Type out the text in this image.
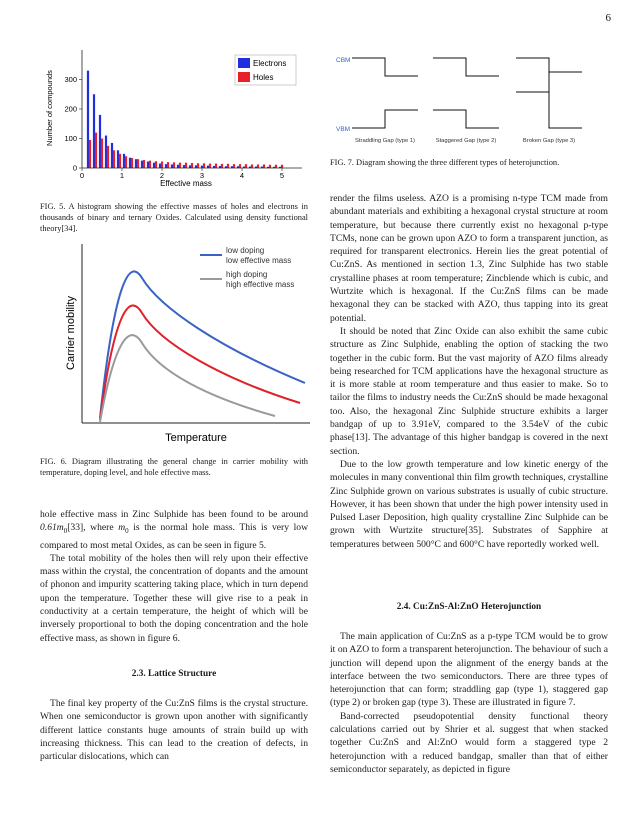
6
0	1	2	3	4	5
0
100
200
300
Effective mass
Number of compounds
Electrons
Holes
FIG. 5. A histogram showing the effective masses of holes and electrons in thousands of binary and ternary Oxides. Calculated using density functional theory[34].
low doping
low effective mass
high doping
high effective mass
Temperature
Carrier mobility
FIG. 6. Diagram illustrating the general change in carrier mobility with temperature, doping level, and hole effective mass.

hole effective mass in Zinc Sulphide has been found to be around $0.61m_0[33]$, where $m_0$ is the normal hole mass. This is very low compared to most metal Oxides, as can be seen in figure 5.

The total mobility of the holes then will rely upon their effective mass within the crystal, the concentration of dopants and the amount of phonon and impurity scattering taking place, which in turn depend upon the temperature. Together these will give rise to a peak in conductivity at a certain temperature, the height of which will be inversely proportional to both the doping concentration and the hole effective mass, as shown in figure 6.

2.3. Lattice Structure

The final key property of the Cu:ZnS films is the crystal structure. When one semiconductor is grown upon another with significantly different lattice constants huge amounts of strain build up with increasing thickness. This can lead to the creation of defects, in particular dislocations, which can

CBM
VBM
Straddling Gap (type 1)	Staggered Gap (type 2)	Broken Gap (type 3)
FIG. 7. Diagram showing the three different types of heterojunction.

render the films useless. AZO is a promising n-type TCM made from abundant materials and exhibiting a hexagonal crystal structure at room temperature, but because there currently exist no hexagonal p-type TCMs, none can be grown upon AZO to form a transparent junction, as required for transparent electronics. Herein lies the great potential of Cu:ZnS. As mentioned in section 1.3, Zinc Sulphide has two stable crystalline phases at room temperature; Zincblende which is cubic, and Wurtzite which is hexagonal. If the Cu:ZnS films can be made hexagonal they can be stacked with AZO, thus tapping into its great potential.

It should be noted that Zinc Oxide can also exhibit the same cubic structure as Zinc Sulphide, enabling the option of stacking the two together in the cubic form. But the vast majority of AZO films already being researched for TCM applications have the hexagonal structure as it is more stable at room temperature and thus easier to make. So to tailor the films to industry needs the Cu:ZnS should be made hexagonal too. Also, the hexagonal Zinc Sulphide structure exhibits a larger bandgap of up to 3.91eV, compared to the 3.54eV of the cubic phase[13]. The advantage of this higher bandgap is covered in the next section.

Due to the low growth temperature and low kinetic energy of the molecules in many conventional thin film growth techniques, crystalline Zinc Sulphide grown on various substrates is usually of cubic structure. However, it has been shown that under the high power intensity used in Pulsed Laser Deposition, high quality crystalline Zinc Sulphide can be grown with Wurtzite structure[35]. Substrates of Sapphire at temperatures between 500°C and 600°C have reportedly worked well.

2.4. Cu:ZnS-Al:ZnO Heterojunction

The main application of Cu:ZnS as a p-type TCM would be to grow it on AZO to form a transparent heterojunction. The behaviour of such a junction will depend upon the alignment of the energy bands at the interface between the two semiconductors. There are three types of heterojunction that can form; straddling gap (type 1), staggered gap (type 2) or broken gap (type 3). These are illustrated in figure 7.

Band-corrected pseudopotential density functional theory calculations carried out by Shrier et al. suggest that when stacked together Cu:ZnS and Al:ZnO would form a staggered type 2 heterojunction with a reduced bandgap, smaller than that of either semiconductor separately, as depicted in figure
